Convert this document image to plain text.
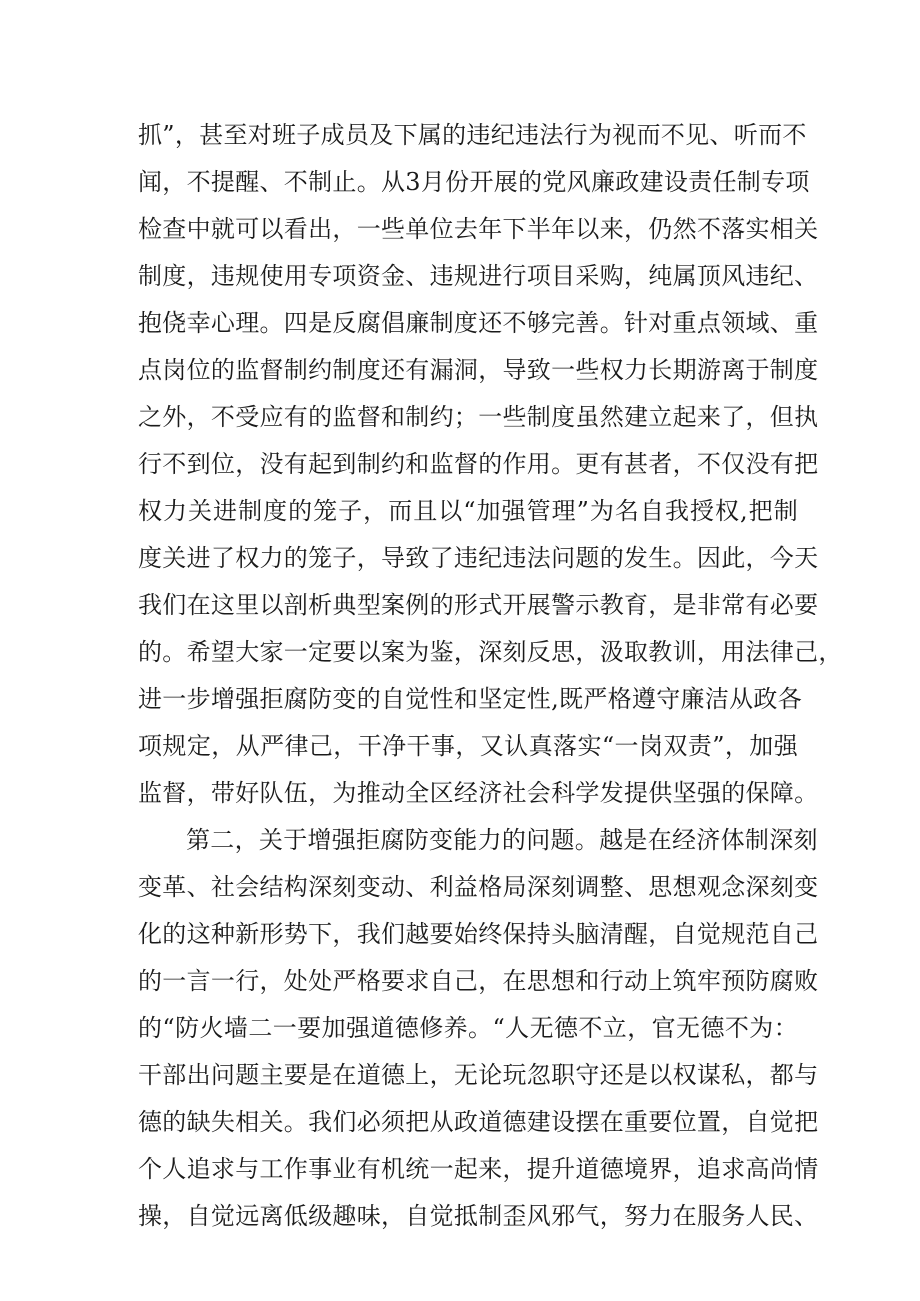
抓”，甚至对班子成员及下属的违纪违法行为视而不见、听而不
闻，不提醒、不制止。从3月份开展的党风廉政建设责任制专项
检查中就可以看出，一些单位去年下半年以来，仍然不落实相关
制度，违规使用专项资金、违规进行项目采购，纯属顶风违纪、
抱侥幸心理。四是反腐倡廉制度还不够完善。针对重点领域、重
点岗位的监督制约制度还有漏洞，导致一些权力长期游离于制度
之外，不受应有的监督和制约；一些制度虽然建立起来了，但执
行不到位，没有起到制约和监督的作用。更有甚者，不仅没有把
权力关进制度的笼子，而且以“加强管理”为名自我授权,把制
度关进了权力的笼子，导致了违纪违法问题的发生。因此，今天
我们在这里以剖析典型案例的形式开展警示教育，是非常有必要
的。希望大家一定要以案为鉴，深刻反思，汲取教训，用法律己，
进一步增强拒腐防变的自觉性和坚定性,既严格遵守廉洁从政各
项规定，从严律己，干净干事，又认真落实“一岗双责”，加强
监督，带好队伍，为推动全区经济社会科学发提供坚强的保障。
第二，关于增强拒腐防变能力的问题。越是在经济体制深刻
变革、社会结构深刻变动、利益格局深刻调整、思想观念深刻变
化的这种新形势下，我们越要始终保持头脑清醒，自觉规范自己
的一言一行，处处严格要求自己，在思想和行动上筑牢预防腐败
的“防火墙二一要加强道德修养。“人无德不立，官无德不为：
干部出问题主要是在道德上，无论玩忽职守还是以权谋私，都与
德的缺失相关。我们必须把从政道德建设摆在重要位置，自觉把
个人追求与工作事业有机统一起来，提升道德境界，追求高尚情
操，自觉远离低级趣味，自觉抵制歪风邪气，努力在服务人民、
